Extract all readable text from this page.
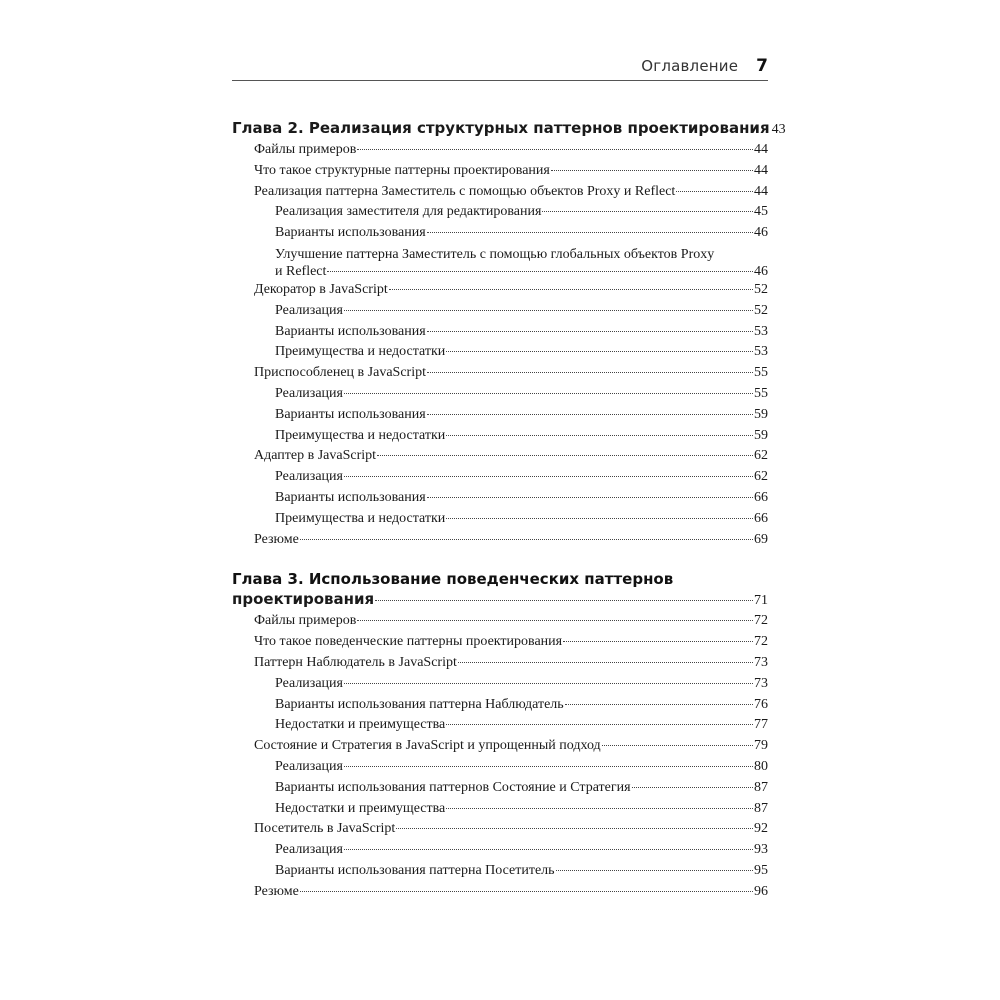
Оглавление 7
Глава 2. Реализация структурных паттернов проектирования 43
Файлы примеров	44
Что такое структурные паттерны проектирования	44
Реализация паттерна Заместитель с помощью объектов Proxy и Reflect	44
Реализация заместителя для редактирования	45
Варианты использования	46
Улучшение паттерна Заместитель с помощью глобальных объектов Proxy
и Reflect	46
Декоратор в JavaScript	52
Реализация	52
Варианты использования	53
Преимущества и недостатки	53
Приспособленец в JavaScript	55
Реализация	55
Варианты использования	59
Преимущества и недостатки	59
Адаптер в JavaScript	62
Реализация	62
Варианты использования	66
Преимущества и недостатки	66
Резюме	69
Глава 3. Использование поведенческих паттернов
проектирования	71
Файлы примеров	72
Что такое поведенческие паттерны проектирования	72
Паттерн Наблюдатель в JavaScript	73
Реализация	73
Варианты использования паттерна Наблюдатель	76
Недостатки и преимущества	77
Состояние и Стратегия в JavaScript и упрощенный подход	79
Реализация	80
Варианты использования паттернов Состояние и Стратегия	87
Недостатки и преимущества	87
Посетитель в JavaScript	92
Реализация	93
Варианты использования паттерна Посетитель	95
Резюме	96
